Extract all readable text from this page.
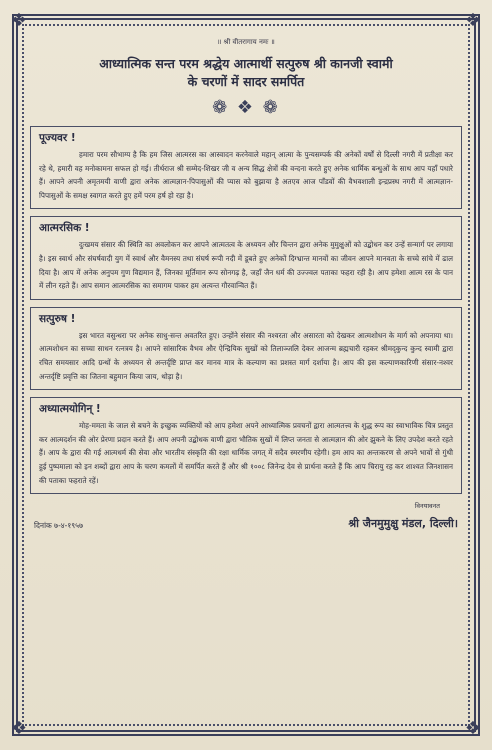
❖	❖
❖	❖
॥ श्री वीतरागाय नमः ॥
आध्यात्मिक सन्त परम श्रद्धेय आत्मार्थी सत्पुरुष श्री कानजी स्वामी
के चरणों में सादर समर्पित
❁ ❖ ❁
पूज्यवर !
हमारा परम सौभाग्य है कि हम जिस आत्मरस का आस्वादन करनेवाले महान् आत्मा के पुन्यसम्पर्क की अनेकों वर्षों से दिल्ली नगरी में प्रतीक्षा कर रहे थे, हमारी वह मनोकामना सफल हो गई। तीर्थराज श्री सम्मेद-शिखर जी व अन्य सिद्ध क्षेत्रों की वन्दना करते हुए अनेक धार्मिक बन्धुओं के साथ आप यहाँ पधारे हैं। आपने अपनी अमृतमयी वाणी द्वारा अनेक आत्मज्ञान-पिपासुओं की प्यास को बुझाया है अतएव आज पाँडवों की वैभवशाली इन्द्रप्रस्थ नगरी में आत्मज्ञान-पिपासुओं के समक्ष स्वागत करते हुए हमें परम हर्ष हो रहा है।
आत्मरसिक !
दुःखमय संसार की स्थिति का अवलोकन कर आपने आत्मतत्व के अध्ययन और चिन्तन द्वारा अनेक मुमुक्षुओं को उद्बोधन कर उन्हें सन्मार्ग पर लगाया है। इस स्वार्थ और संघर्षवादी युग में स्वार्थ और वैमनस्य तथा संघर्ष रूपी नदी में डूबते हुए अनेकों दिग्भ्रान्त मानवों का जीवन आपने मानवता के सच्चे सांचे में ढाल दिया है। आप में अनेक अनुपम गुण विद्यमान हैं, जिनका मूर्तिमान रूप सोनगढ़ है, जहाँ जैन धर्म की उज्ज्वल पताका फहरा रही है। आप हमेशा आत्म रस के पान में लीन रहते हैं। आप समान आत्मरसिक का समागम पाकर हम अत्यन्त गौरवान्वित हैं।
सत्पुरुष !
इस भारत वसुन्धरा पर अनेक साधु-सन्त अवतरित हुए। उन्होंने संसार की नश्वरता और असारता को देखकर आत्मशोधन के मार्ग को अपनाया था। आत्मशोधन का सच्चा साधन रत्नत्रय है। आपने सांसारिक वैभव और ऐन्द्रियिक सुखों को तिलाञ्जलि देकर आजन्म ब्रह्मचारी रहकर श्रीमद्कुन्द कुन्द स्वामी द्वारा रचित समयसार आदि ग्रन्थों के अध्ययन से अन्तर्दृष्टि प्राप्त कर मानव मात्र के कल्याण का प्रशस्त मार्ग दर्शाया है। आप की इस कल्याणकारिणी संसार-नश्वर अन्तर्दृष्टि प्रवृत्ति का जितना बहुमान किया जाय, थोड़ा है।
अध्यात्मयोगिन् !
मोह-ममता के जाल से बचने के इच्छुक व्यक्तियों को आप हमेशा अपने आध्यात्मिक प्रवचनों द्वारा आत्मतत्त्व के शुद्ध रूप का स्वाभाविक चित्र प्रस्तुत कर आत्मदर्शन की ओर प्रेरणा प्रदान करते हैं। आप अपनी उद्बोधक वाणी द्वारा भौतिक सुखों में लिप्त जनता से आत्मज्ञान की ओर झुकने के लिए उपदेश करते रहते हैं। आप के द्वारा की गई आत्मधर्म की सेवा और भारतीय संस्कृति की रक्षा धार्मिक जगत् में सदैव स्मरणीय रहेगी। हम आप का अन्तःकरण से अपने भावों से गुंथी हुई पुष्पमाला को इन शब्दों द्वारा आप के चरण कमलों में समर्पित करते हैं और श्री १००८ जिनेन्द्र देव से प्रार्थना करते हैं कि आप चिरायु रह कर शाश्वत जिनशासन की पताका फहराते रहें।
दिनांक ७-४-१९५७
विनयावनत
श्री जैनमुमुक्षु मंडल, दिल्ली।
